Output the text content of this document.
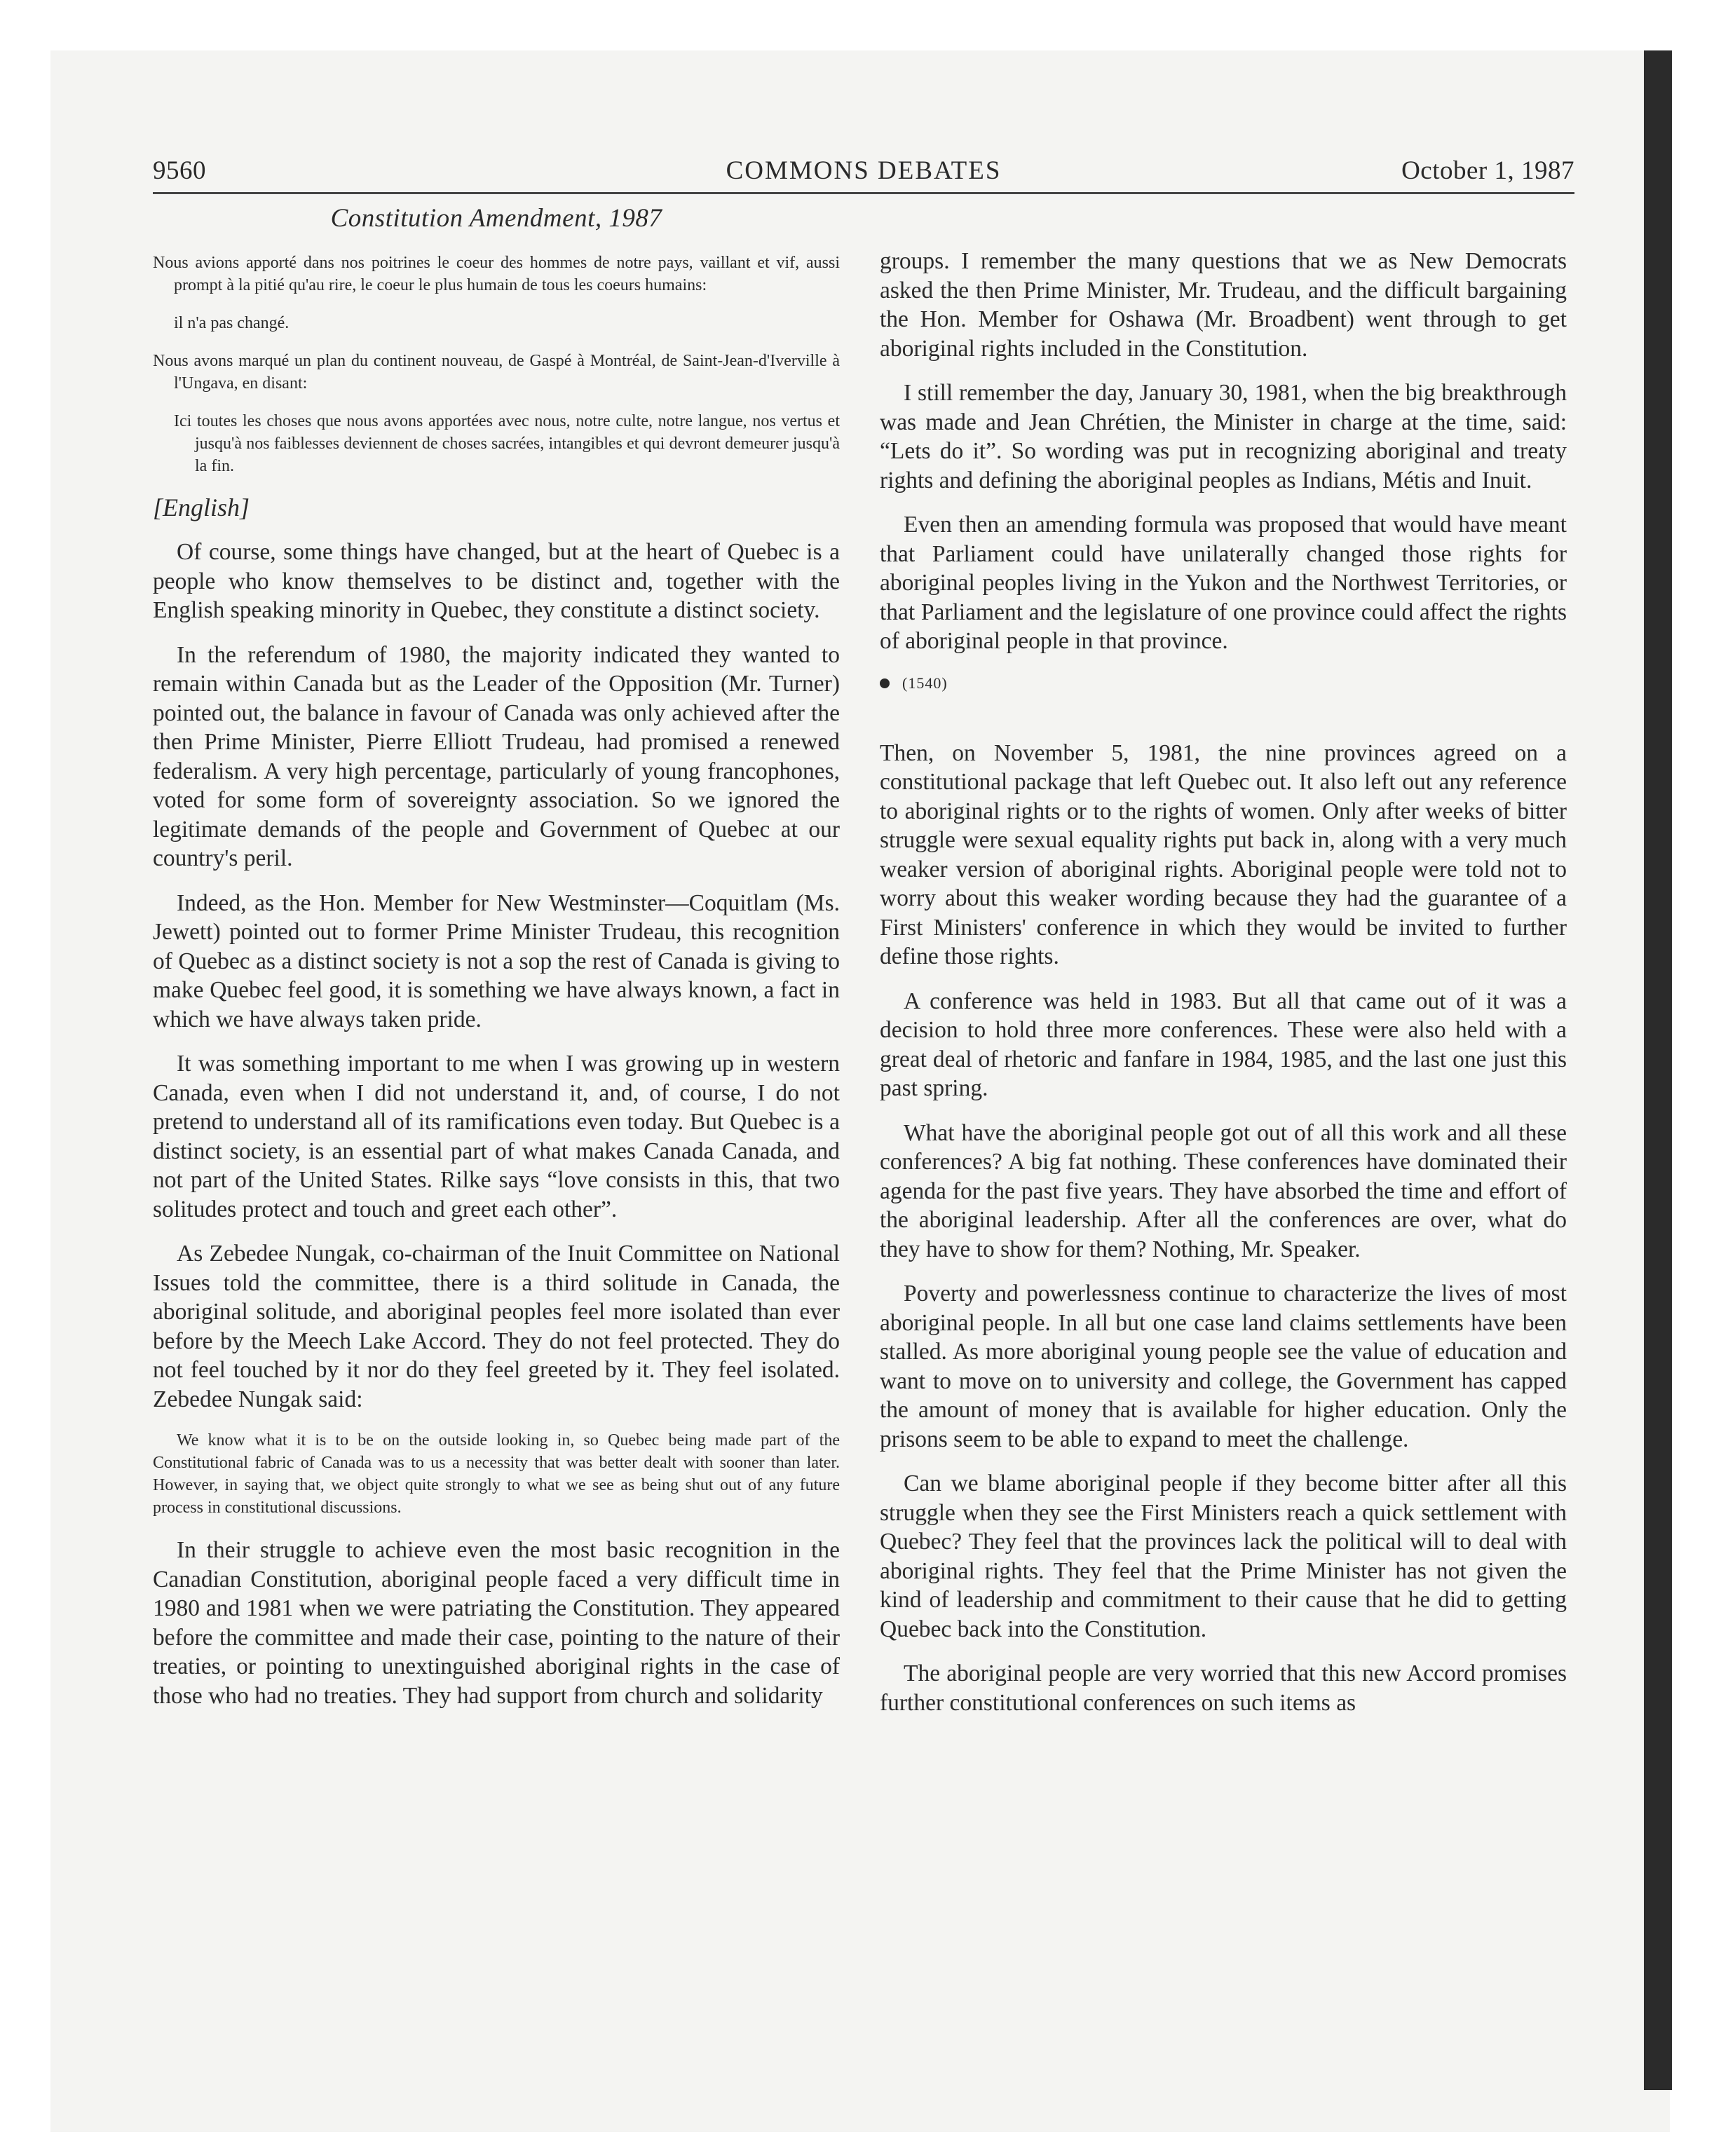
9560	COMMONS DEBATES	October 1, 1987
Constitution Amendment, 1987
Nous avions apporté dans nos poitrines le coeur des hommes de notre pays, vaillant et vif, aussi prompt à la pitié qu'au rire, le coeur le plus humain de tous les coeurs humains:
il n'a pas changé.
Nous avons marqué un plan du continent nouveau, de Gaspé à Montréal, de Saint-Jean-d'Iverville à l'Ungava, en disant:
Ici toutes les choses que nous avons apportées avec nous, notre culte, notre langue, nos vertus et jusqu'à nos faiblesses deviennent de choses sacrées, intangibles et qui devront demeurer jusqu'à la fin.
[English]

Of course, some things have changed, but at the heart of Quebec is a people who know themselves to be distinct and, together with the English speaking minority in Quebec, they constitute a distinct society.

In the referendum of 1980, the majority indicated they wanted to remain within Canada but as the Leader of the Opposition (Mr. Turner) pointed out, the balance in favour of Canada was only achieved after the then Prime Minister, Pierre Elliott Trudeau, had promised a renewed federalism. A very high percentage, particularly of young francophones, voted for some form of sovereignty association. So we ignored the legitimate demands of the people and Government of Quebec at our country's peril.

Indeed, as the Hon. Member for New Westminster—Coquitlam (Ms. Jewett) pointed out to former Prime Minister Trudeau, this recognition of Quebec as a distinct society is not a sop the rest of Canada is giving to make Quebec feel good, it is something we have always known, a fact in which we have always taken pride.

It was something important to me when I was growing up in western Canada, even when I did not understand it, and, of course, I do not pretend to understand all of its ramifications even today. But Quebec is a distinct society, is an essential part of what makes Canada Canada, and not part of the United States. Rilke says “love consists in this, that two solitudes protect and touch and greet each other”.

As Zebedee Nungak, co-chairman of the Inuit Committee on National Issues told the committee, there is a third solitude in Canada, the aboriginal solitude, and aboriginal peoples feel more isolated than ever before by the Meech Lake Accord. They do not feel protected. They do not feel touched by it nor do they feel greeted by it. They feel isolated. Zebedee Nungak said:

We know what it is to be on the outside looking in, so Quebec being made part of the Constitutional fabric of Canada was to us a necessity that was better dealt with sooner than later. However, in saying that, we object quite strongly to what we see as being shut out of any future process in constitutional discussions.

In their struggle to achieve even the most basic recognition in the Canadian Constitution, aboriginal people faced a very difficult time in 1980 and 1981 when we were patriating the Constitution. They appeared before the committee and made their case, pointing to the nature of their treaties, or pointing to unextinguished aboriginal rights in the case of those who had no treaties. They had support from church and solidarity

groups. I remember the many questions that we as New Democrats asked the then Prime Minister, Mr. Trudeau, and the difficult bargaining the Hon. Member for Oshawa (Mr. Broadbent) went through to get aboriginal rights included in the Constitution.

I still remember the day, January 30, 1981, when the big breakthrough was made and Jean Chrétien, the Minister in charge at the time, said: “Lets do it”. So wording was put in recognizing aboriginal and treaty rights and defining the aboriginal peoples as Indians, Métis and Inuit.

Even then an amending formula was proposed that would have meant that Parliament could have unilaterally changed those rights for aboriginal peoples living in the Yukon and the Northwest Territories, or that Parliament and the legislature of one province could affect the rights of aboriginal people in that province.

(1540)

Then, on November 5, 1981, the nine provinces agreed on a constitutional package that left Quebec out. It also left out any reference to aboriginal rights or to the rights of women. Only after weeks of bitter struggle were sexual equality rights put back in, along with a very much weaker version of aboriginal rights. Aboriginal people were told not to worry about this weaker wording because they had the guarantee of a First Ministers' conference in which they would be invited to further define those rights.

A conference was held in 1983. But all that came out of it was a decision to hold three more conferences. These were also held with a great deal of rhetoric and fanfare in 1984, 1985, and the last one just this past spring.

What have the aboriginal people got out of all this work and all these conferences? A big fat nothing. These conferences have dominated their agenda for the past five years. They have absorbed the time and effort of the aboriginal leadership. After all the conferences are over, what do they have to show for them? Nothing, Mr. Speaker.

Poverty and powerlessness continue to characterize the lives of most aboriginal people. In all but one case land claims settlements have been stalled. As more aboriginal young people see the value of education and want to move on to university and college, the Government has capped the amount of money that is available for higher education. Only the prisons seem to be able to expand to meet the challenge.

Can we blame aboriginal people if they become bitter after all this struggle when they see the First Ministers reach a quick settlement with Quebec? They feel that the provinces lack the political will to deal with aboriginal rights. They feel that the Prime Minister has not given the kind of leadership and commitment to their cause that he did to getting Quebec back into the Constitution.

The aboriginal people are very worried that this new Accord promises further constitutional conferences on such items as
